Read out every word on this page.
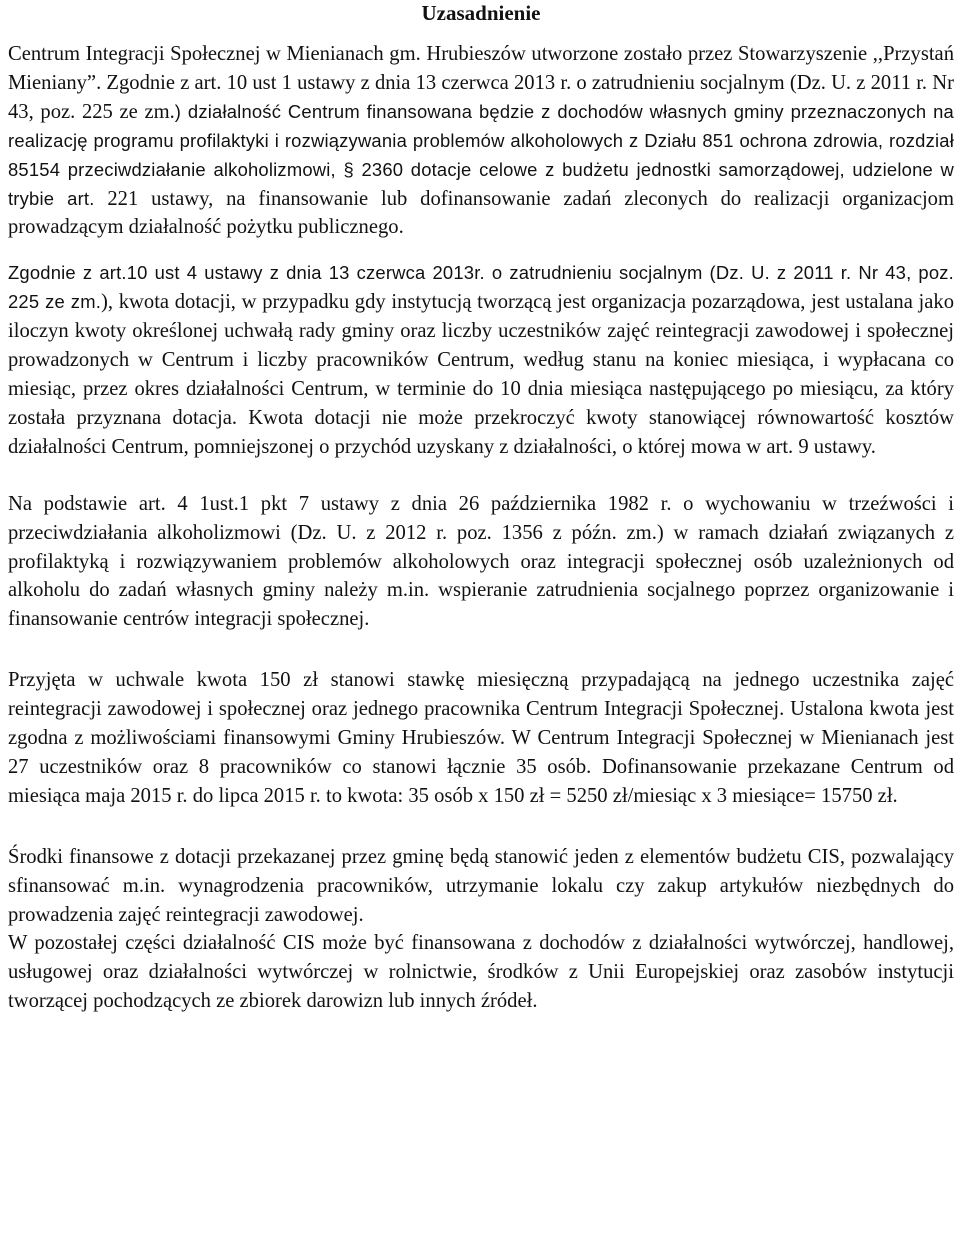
Uzasadnienie

Centrum Integracji Społecznej w Mienianach gm. Hrubieszów utworzone zostało przez Stowarzyszenie ,,Przystań Mieniany”. Zgodnie z art. 10 ust 1 ustawy z dnia 13 czerwca 2013 r. o zatrudnieniu socjalnym (Dz. U. z 2011 r. Nr 43, poz. 225 ze zm.) działalność Centrum finansowana będzie z dochodów własnych gminy przeznaczonych na realizację programu profilaktyki i rozwiązywania problemów alkoholowych z Działu 851 ochrona zdrowia, rozdział 85154 przeciwdziałanie alkoholizmowi, § 2360 dotacje celowe z budżetu jednostki samorządowej, udzielone w trybie art. 221 ustawy, na finansowanie lub dofinansowanie zadań zleconych do realizacji organizacjom prowadzącym działalność pożytku publicznego.

Zgodnie z art.10 ust 4 ustawy z dnia 13 czerwca 2013r. o zatrudnieniu socjalnym (Dz. U. z 2011 r. Nr 43, poz. 225 ze zm.), kwota dotacji, w przypadku gdy instytucją tworzącą jest organizacja pozarządowa, jest ustalana jako iloczyn kwoty określonej uchwałą rady gminy oraz liczby uczestników zajęć reintegracji zawodowej i społecznej prowadzonych w Centrum i liczby pracowników Centrum, według stanu na koniec miesiąca, i wypłacana co miesiąc, przez okres działalności Centrum, w terminie do 10 dnia miesiąca następującego po miesiącu, za który została przyznana dotacja. Kwota dotacji nie może przekroczyć kwoty stanowiącej równowartość kosztów działalności Centrum, pomniejszonej o przychód uzyskany z działalności, o której mowa w art. 9 ustawy.

Na podstawie art. 4 1ust.1 pkt 7 ustawy z dnia 26 października 1982 r. o wychowaniu w trzeźwości i przeciwdziałania alkoholizmowi (Dz. U. z 2012 r. poz. 1356 z późn. zm.) w ramach działań związanych z profilaktyką i rozwiązywaniem problemów alkoholowych oraz integracji społecznej osób uzależnionych od alkoholu do zadań własnych gminy należy m.in. wspieranie zatrudnienia socjalnego poprzez organizowanie i finansowanie centrów integracji społecznej.

Przyjęta w uchwale kwota 150 zł stanowi stawkę miesięczną przypadającą na jednego uczestnika zajęć reintegracji zawodowej i społecznej oraz jednego pracownika Centrum Integracji Społecznej. Ustalona kwota jest zgodna z możliwościami finansowymi Gminy Hrubieszów. W Centrum Integracji Społecznej w Mienianach jest 27 uczestników oraz 8 pracowników co stanowi łącznie 35 osób. Dofinansowanie przekazane Centrum od miesiąca maja 2015 r. do lipca 2015 r. to kwota: 35 osób x 150 zł = 5250 zł/miesiąc x 3 miesiące= 15750 zł.

Środki finansowe z dotacji przekazanej przez gminę będą stanowić jeden z elementów budżetu CIS, pozwalający sfinansować m.in. wynagrodzenia pracowników, utrzymanie lokalu czy zakup artykułów niezbędnych do prowadzenia zajęć reintegracji zawodowej.

W pozostałej części działalność CIS może być finansowana z dochodów z działalności wytwórczej, handlowej, usługowej oraz działalności wytwórczej w rolnictwie, środków z Unii Europejskiej oraz zasobów instytucji tworzącej pochodzących ze zbiorek darowizn lub innych źródeł.
